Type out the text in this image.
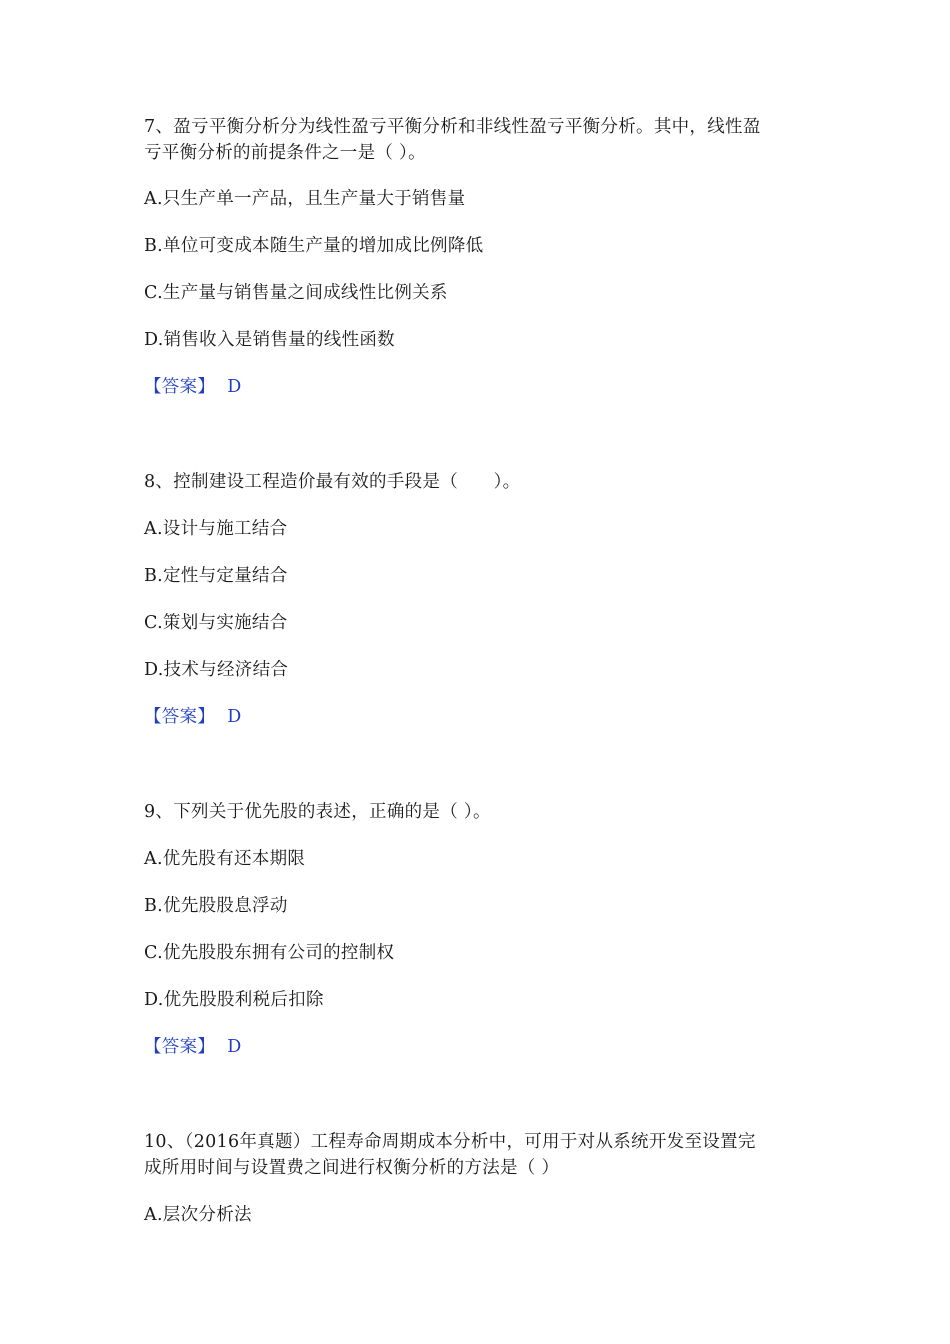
7、盈亏平衡分析分为线性盈亏平衡分析和非线性盈亏平衡分析。其中，线性盈
亏平衡分析的前提条件之一是（ ）。
A.只生产单一产品，且生产量大于销售量
B.单位可变成本随生产量的增加成比例降低
C.生产量与销售量之间成线性比例关系
D.销售收入是销售量的线性函数
【答案】 D
8、控制建设工程造价最有效的手段是（　　）。
A.设计与施工结合
B.定性与定量结合
C.策划与实施结合
D.技术与经济结合
【答案】 D
9、下列关于优先股的表述，正确的是（ ）。
A.优先股有还本期限
B.优先股股息浮动
C.优先股股东拥有公司的控制权
D.优先股股利税后扣除
【答案】 D
10、（2016年真题）工程寿命周期成本分析中，可用于对从系统开发至设置完
成所用时间与设置费之间进行权衡分析的方法是（ ）
A.层次分析法
